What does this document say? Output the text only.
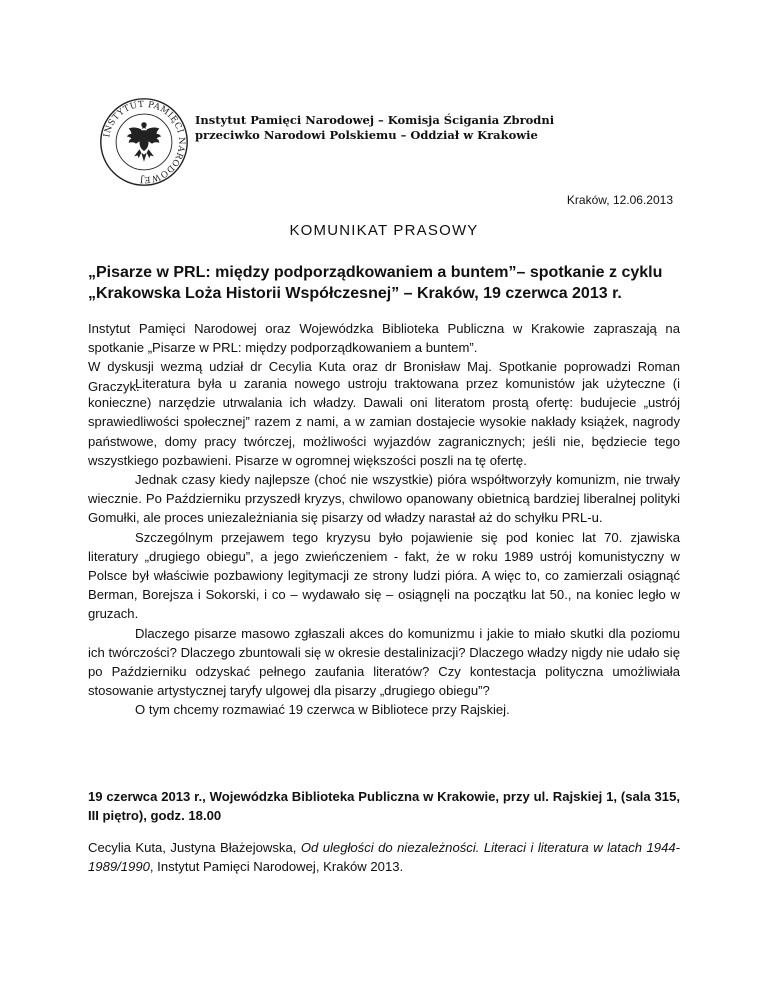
INSTYTUT PAMIĘCI NARODOWEJ
Instytut Pamięci Narodowej – Komisja Ścigania Zbrodni
przeciwko Narodowi Polskiemu – Oddział w Krakowie
Kraków, 12.06.2013
KOMUNIKAT PRASOWY
„Pisarze w PRL: między podporządkowaniem a buntem”– spotkanie z cyklu
„Krakowska Loża Historii Współczesnej” – Kraków, 19 czerwca 2013 r.

Instytut Pamięci Narodowej oraz Wojewódzka Biblioteka Publiczna w Krakowie zapraszają na spotkanie „Pisarze w PRL: między podporządkowaniem a buntem”.

W dyskusji wezmą udział dr Cecylia Kuta oraz dr Bronisław Maj. Spotkanie poprowadzi Roman Graczyk.

Literatura była u zarania nowego ustroju traktowana przez komunistów jak użyteczne (i konieczne) narzędzie utrwalania ich władzy. Dawali oni literatom prostą ofertę: budujecie „ustrój sprawiedliwości społecznej” razem z nami, a w zamian dostajecie wysokie nakłady książek, nagrody państwowe, domy pracy twórczej, możliwości wyjazdów zagranicznych; jeśli nie, będziecie tego wszystkiego pozbawieni. Pisarze w ogromnej większości poszli na tę ofertę.

Jednak czasy kiedy najlepsze (choć nie wszystkie) pióra współtworzyły komunizm, nie trwały wiecznie. Po Październiku przyszedł kryzys, chwilowo opanowany obietnicą bardziej liberalnej polityki Gomułki, ale proces uniezależniania się pisarzy od władzy narastał aż do schyłku PRL-u.

Szczególnym przejawem tego kryzysu było pojawienie się pod koniec lat 70. zjawiska literatury „drugiego obiegu”, a jego zwieńczeniem - fakt, że w roku 1989 ustrój komunistyczny w Polsce był właściwie pozbawiony legitymacji ze strony ludzi pióra. A więc to, co zamierzali osiągnąć Berman, Borejsza i Sokorski, i co – wydawało się – osiągnęli na początku lat 50., na koniec legło w gruzach.

Dlaczego pisarze masowo zgłaszali akces do komunizmu i jakie to miało skutki dla poziomu ich twórczości? Dlaczego zbuntowali się w okresie destalinizacji? Dlaczego władzy nigdy nie udało się po Październiku odzyskać pełnego zaufania literatów? Czy kontestacja polityczna umożliwiała stosowanie artystycznej taryfy ulgowej dla pisarzy „drugiego obiegu”?

O tym chcemy rozmawiać 19 czerwca w Bibliotece przy Rajskiej.

19 czerwca 2013 r., Wojewódzka Biblioteka Publiczna w Krakowie, przy ul. Rajskiej 1, (sala 315, III piętro), godz. 18.00
Cecylia Kuta, Justyna Błażejowska, Od uległości do niezależności. Literaci i literatura w latach 1944-1989/1990, Instytut Pamięci Narodowej, Kraków 2013.
